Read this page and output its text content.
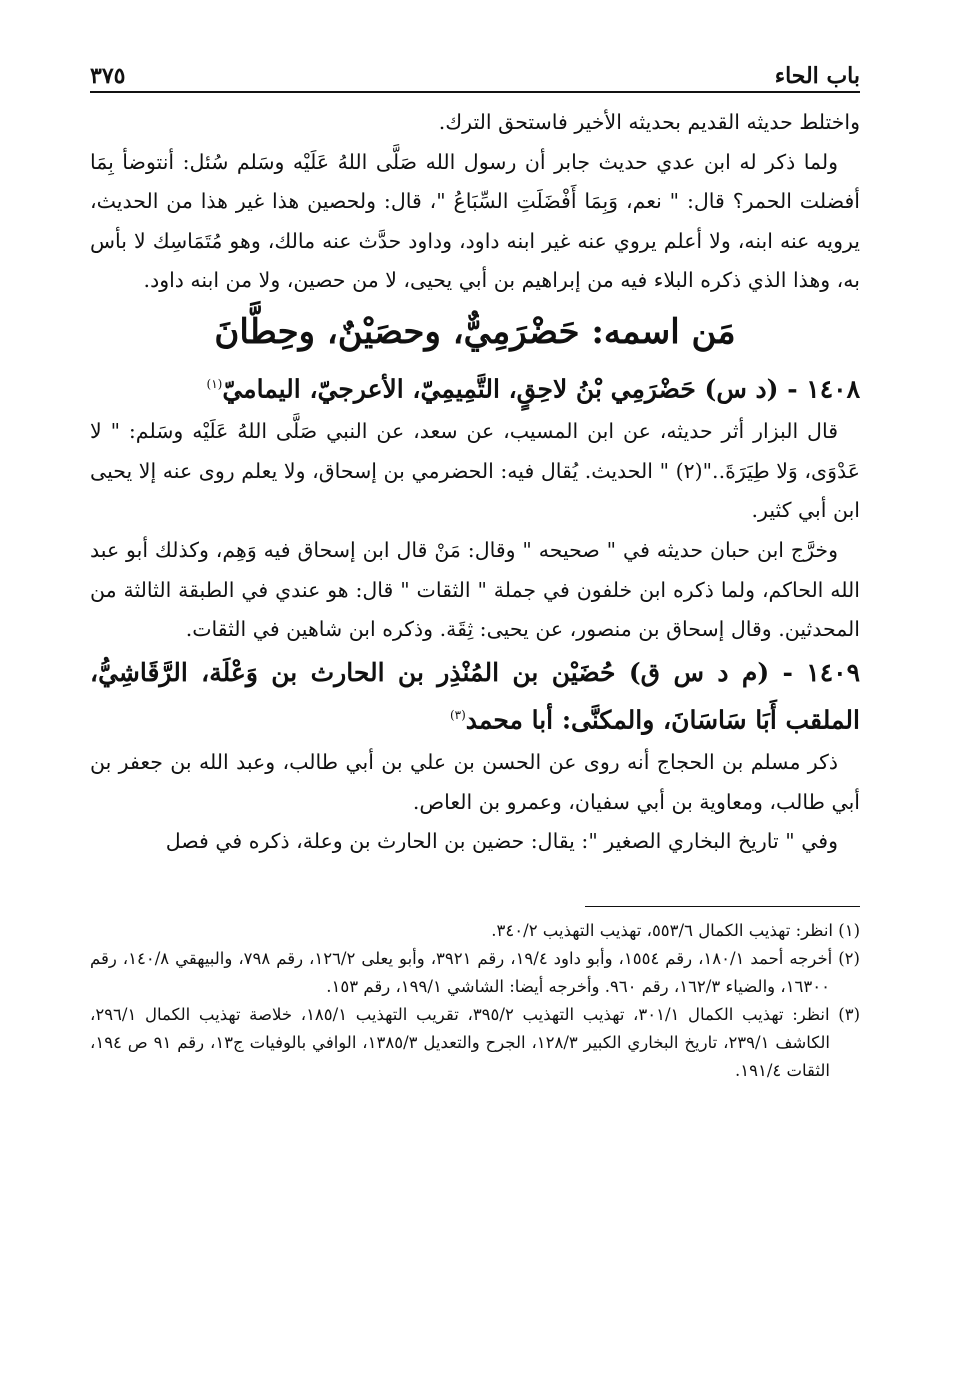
باب الحاء
٣٧٥

واختلط حديثه القديم بحديثه الأخير فاستحق الترك.

ولما ذكر له ابن عدي حديث جابر أن رسول الله صَلَّى اللهُ عَلَيْه وسَلم سُئل: أنتوضأ بِمَا أفضلت الحمر؟ قال: " نعم، وَبِمَا أَفْضَلَتِ السِّبَاعُ "، قال: ولحصين هذا غير هذا من الحديث، يرويه عنه ابنه، ولا أعلم يروي عنه غير ابنه داود، وداود حدَّث عنه مالك، وهو مُتَمَاسِك لا بأس به، وهذا الذي ذكره البلاء فيه من إبراهيم بن أبي يحيى، لا من حصين، ولا من ابنه داود.

مَن اسمه: حَضْرَمِيٌّ، وحصَيْنٌ، وحِطَّانَ
١٤٠٨ - (د س) حَضْرَمِي بْنُ لاحِقٍ، التَّمِيمِيّ، الأعرجيّ، اليماميّ$^{(١)}$

قال البزار أثر حديثه، عن ابن المسيب، عن سعد، عن النبي صَلَّى اللهُ عَلَيْه وسَلم: " لا عَدْوَى، وَلا طِيَرَةَ.."(٢) " الحديث. يُقال فيه: الحضرمي بن إسحاق، ولا يعلم روى عنه إلا يحيى ابن أبي كثير.

وخرَّج ابن حبان حديثه في " صحيحه " وقال: مَنْ قال ابن إسحاق فيه وَهِم، وكذلك أبو عبد الله الحاكم، ولما ذكره ابن خلفون في جملة " الثقات " قال: هو عندي في الطبقة الثالثة من المحدثين. وقال إسحاق بن منصور، عن يحيى: ثِقَة. وذكره ابن شاهين في الثقات.

١٤٠٩ - (م د س ق) حُضَيْن بن المُنْذِر بن الحارث بن وَعْلَة، الرَّقَاشِيُّ، الملقب أَبَا سَاسَانَ، والمكنَّى: أبا محمد$^{(٣)}$

ذكر مسلم بن الحجاج أنه روى عن الحسن بن علي بن أبي طالب، وعبد الله بن جعفر بن أبي طالب، ومعاوية بن أبي سفيان، وعمرو بن العاص.

وفي " تاريخ البخاري الصغير ": يقال: حضين بن الحارث بن وعلة، ذكره في فصل

(١) انظر: تهذيب الكمال ٥٥٣/٦، تهذيب التهذيب ٣٤٠/٢.

(٢) أخرجه أحمد ١٨٠/١، رقم ١٥٥٤، وأبو داود ١٩/٤، رقم ٣٩٢١، وأبو يعلى ١٢٦/٢، رقم ٧٩٨، والبيهقي ١٤٠/٨، رقم ١٦٣٠٠، والضياء ١٦٢/٣، رقم ٩٦٠. وأخرجه أيضا: الشاشي ١٩٩/١، رقم ١٥٣.

(٣) انظر: تهذيب الكمال ٣٠١/١، تهذيب التهذيب ٣٩٥/٢، تقريب التهذيب ١٨٥/١، خلاصة تهذيب الكمال ٢٩٦/١، الكاشف ٢٣٩/١، تاريخ البخاري الكبير ١٢٨/٣، الجرح والتعديل ١٣٨٥/٣، الوافي بالوفيات ج١٣، رقم ٩١ ص ١٩٤، الثقات ١٩١/٤.
